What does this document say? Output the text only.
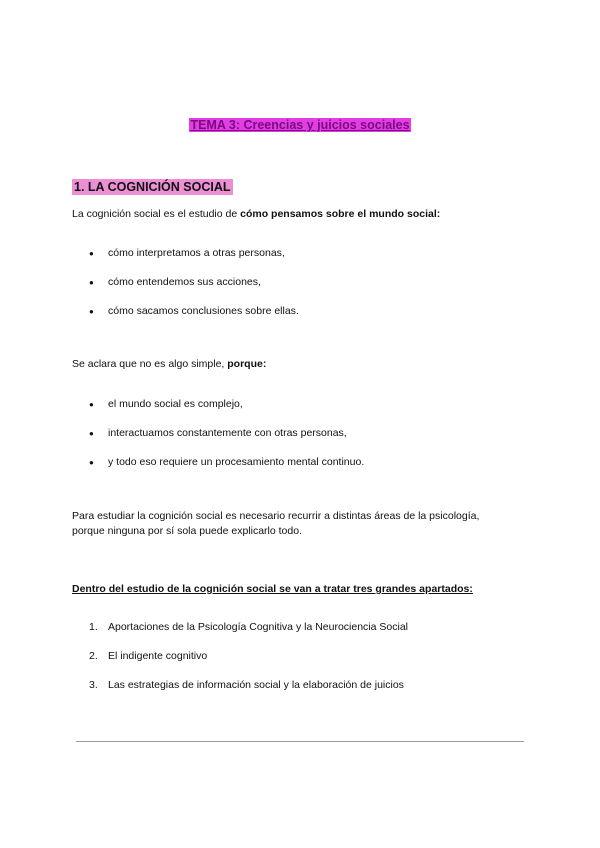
TEMA 3: Creencias y juicios sociales
1. LA COGNICIÓN SOCIAL
La cognición social es el estudio de cómo pensamos sobre el mundo social:
● cómo interpretamos a otras personas,
● cómo entendemos sus acciones,
● cómo sacamos conclusiones sobre ellas.
Se aclara que no es algo simple, porque:
● el mundo social es complejo,
● interactuamos constantemente con otras personas,
● y todo eso requiere un procesamiento mental continuo.
Para estudiar la cognición social es necesario recurrir a distintas áreas de la psicología,
porque ninguna por sí sola puede explicarlo todo.
Dentro del estudio de la cognición social se van a tratar tres grandes apartados:
1. Aportaciones de la Psicología Cognitiva y la Neurociencia Social
2. El indigente cognitivo
3. Las estrategias de información social y la elaboración de juicios
